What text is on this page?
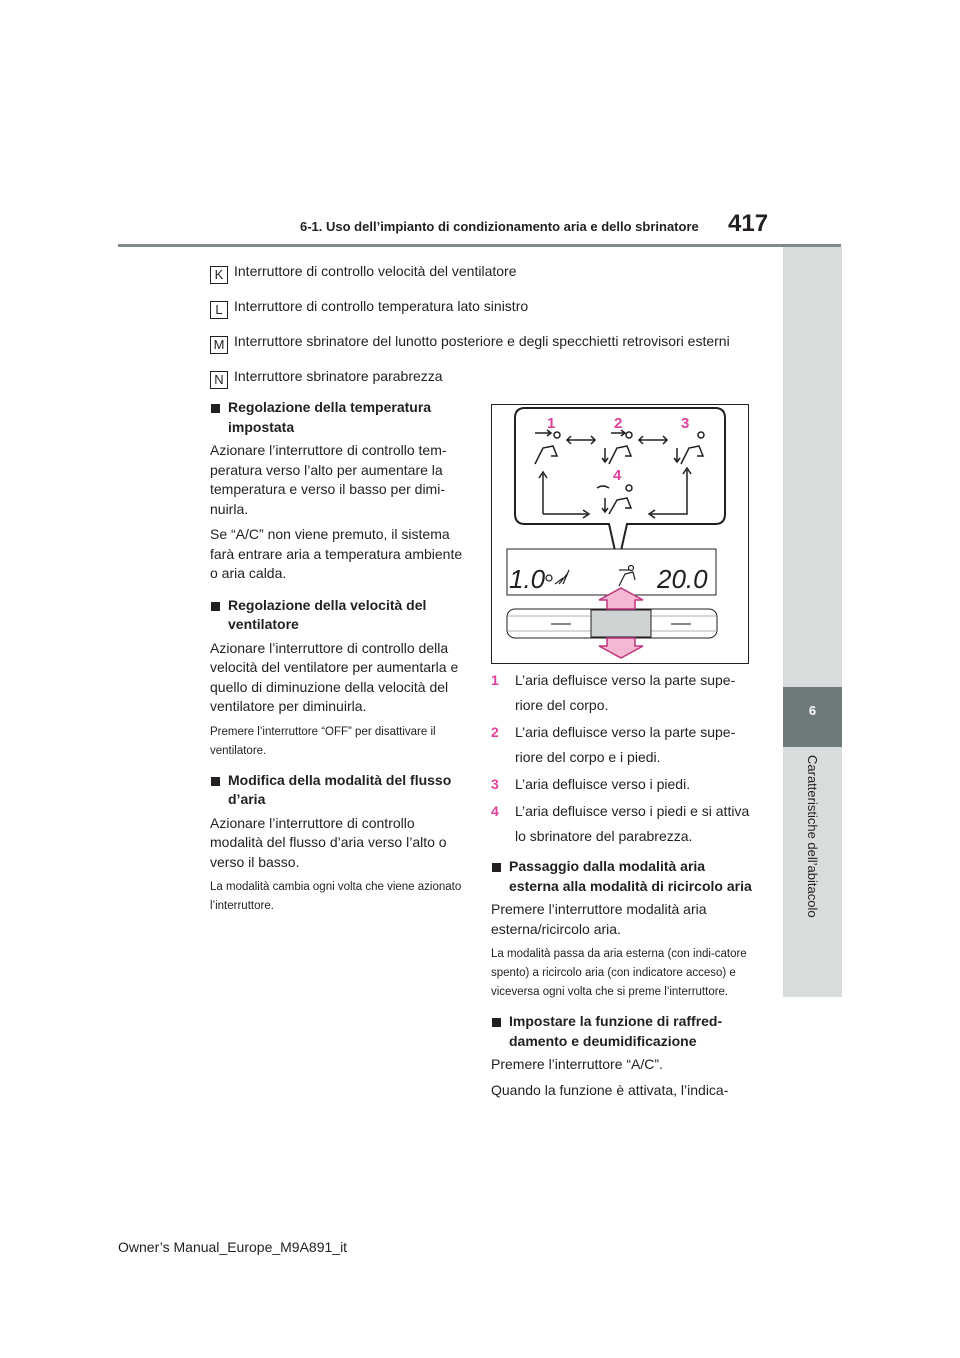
6-1. Uso dell’impianto di condizionamento aria e dello sbrinatore 417
6
Caratteristiche dell’abitacolo
K Interruttore di controllo velocità del ventilatore
L Interruttore di controllo temperatura lato sinistro
M Interruttore sbrinatore del lunotto posteriore e degli specchietti retrovisori esterni
N Interruttore sbrinatore parabrezza

Regolazione della temperatura impostata

Azionare l’interruttore di controllo tem-peratura verso l’alto per aumentare la temperatura e verso il basso per dimi-nuirla.

Se “A/C” non viene premuto, il sistema farà entrare aria a temperatura ambiente o aria calda.

Regolazione della velocità del ventilatore

Azionare l’interruttore di controllo della velocità del ventilatore per aumentarla e quello di diminuzione della velocità del ventilatore per diminuirla.

Premere l’interruttore “OFF” per disattivare il ventilatore.

Modifica della modalità del flusso d’aria

Azionare l’interruttore di controllo modalità del flusso d’aria verso l’alto o verso il basso.

La modalità cambia ogni volta che viene azionato l’interruttore.

1	2	3
4
1.0	20.0

1 L’aria defluisce verso la parte supe-riore del corpo.

2 L’aria defluisce verso la parte supe-riore del corpo e i piedi.

3 L’aria defluisce verso i piedi.

4 L’aria defluisce verso i piedi e si attiva lo sbrinatore del parabrezza.

Passaggio dalla modalità aria esterna alla modalità di ricircolo aria

Premere l’interruttore modalità aria esterna/ricircolo aria.

La modalità passa da aria esterna (con indi-catore spento) a ricircolo aria (con indicatore acceso) e viceversa ogni volta che si preme l’interruttore.

Impostare la funzione di raffred-damento e deumidificazione

Premere l’interruttore “A/C”.

Quando la funzione è attivata, l’indica-

Owner’s Manual_Europe_M9A891_it
